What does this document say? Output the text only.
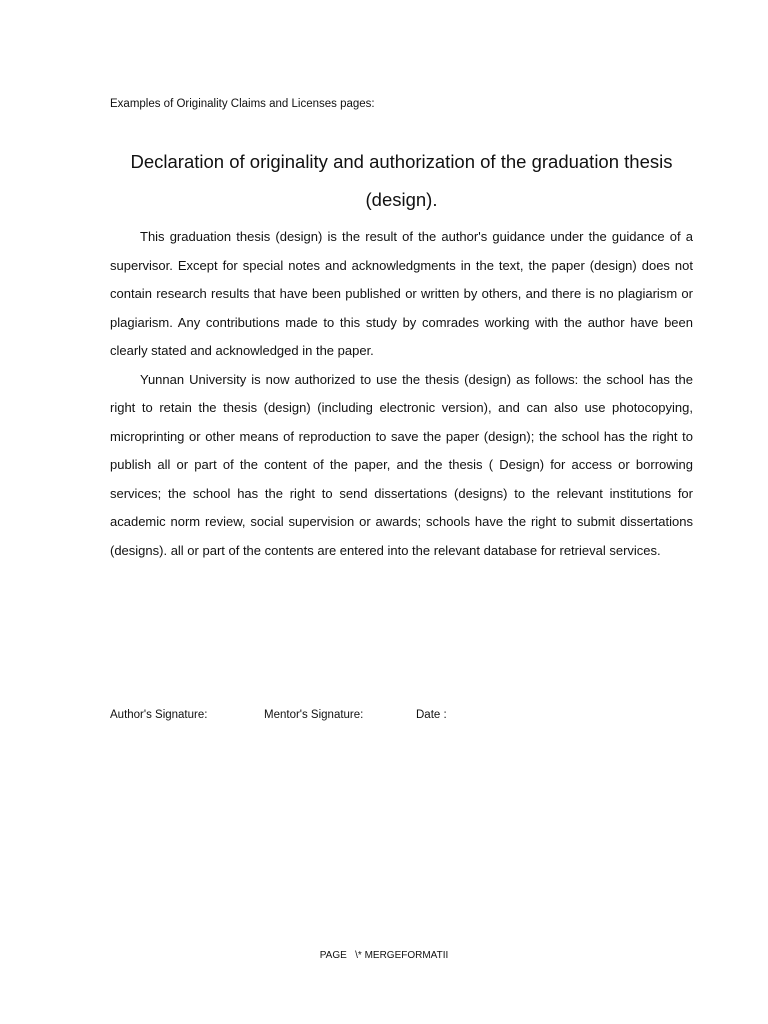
Examples of Originality Claims and Licenses pages:
Declaration of originality and authorization of the graduation thesis (design).

This graduation thesis (design) is the result of the author's guidance under the guidance of a supervisor. Except for special notes and acknowledgments in the text, the paper (design) does not contain research results that have been published or written by others, and there is no plagiarism or plagiarism. Any contributions made to this study by comrades working with the author have been clearly stated and acknowledged in the paper.

Yunnan University is now authorized to use the thesis (design) as follows: the school has the right to retain the thesis (design) (including electronic version), and can also use photocopying, microprinting or other means of reproduction to save the paper (design); the school has the right to publish all or part of the content of the paper, and the thesis ( Design) for access or borrowing services; the school has the right to send dissertations (designs) to the relevant institutions for academic norm review, social supervision or awards; schools have the right to submit dissertations (designs). all or part of the contents are entered into the relevant database for retrieval services.

Author's Signature:	Mentor's Signature:	Date :
PAGE   \* MERGEFORMATII
